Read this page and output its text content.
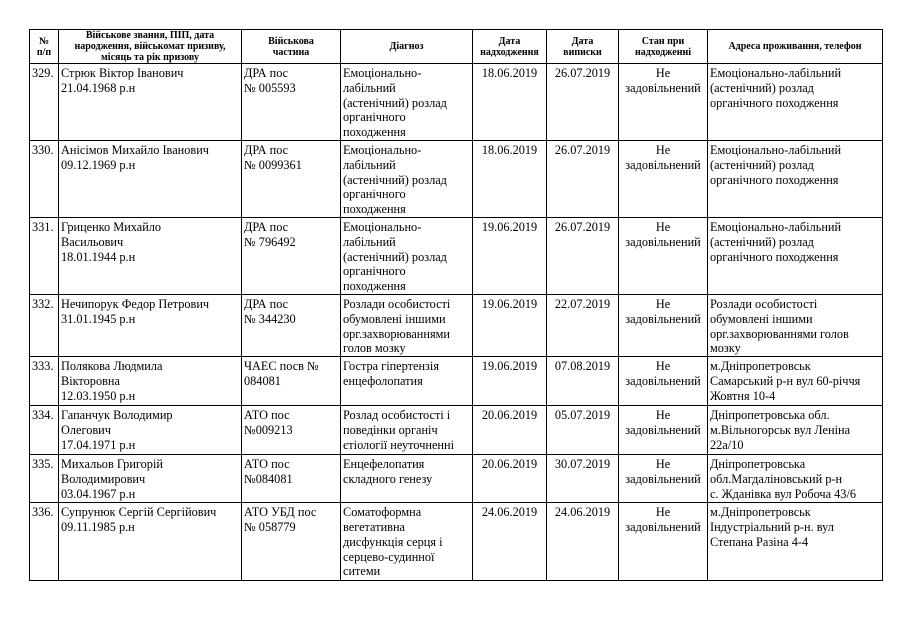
№
п/п	Військове звання, ПІП, дата народження, військомат призиву, місяць та рік призову	Військова
частина	Діагноз	Дата
надходження	Дата
виписки	Стан при
надходженні	Адреса проживання, телефон
329.	Стрюк Віктор Іванович
21.04.1968 р.н	ДРА пос
№ 005593	Емоціонально-
лабільний
(астенічний) розлад
органічного
походження	18.06.2019	26.07.2019	Не
задовільнений	Емоціонально-лабільний
(астенічний) розлад
органічного походження
330.	Анісімов Михайло Іванович
09.12.1969 р.н	ДРА пос
№ 0099361	Емоціонально-
лабільний
(астенічний) розлад
органічного
походження	18.06.2019	26.07.2019	Не
задовільнений	Емоціонально-лабільний
(астенічний) розлад
органічного походження
331.	Гриценко Михайло
Васильович
18.01.1944 р.н	ДРА пос
№ 796492	Емоціонально-
лабільний
(астенічний) розлад
органічного
походження	19.06.2019	26.07.2019	Не
задовільнений	Емоціонально-лабільний
(астенічний) розлад
органічного походження
332.	Нечипорук Федор Петрович
31.01.1945 р.н	ДРА пос
№ 344230	Розлади особистості
обумовлені іншими
орг.захворюваннями
голов мозку	19.06.2019	22.07.2019	Не
задовільнений	Розлади особистості
обумовлені іншими
орг.захворюваннями голов
мозку
333.	Полякова Людмила
Вікторовна
12.03.1950 р.н	ЧАЕС посв №
084081	Гостра гіпертензія
енцефолопатия	19.06.2019	07.08.2019	Не
задовільнений	м.Дніпропетровськ
Самарський р-н вул 60-річчя
Жовтня 10-4
334.	Гапанчук Володимир
Олегович
17.04.1971 р.н	АТО пос
№009213	Розлад особистості і
поведінки органіч
єтіології неуточненні	20.06.2019	05.07.2019	Не
задовільнений	Дніпропетровська обл.
м.Вільногорськ вул Леніна
22а/10
335.	Михальов Григорій
Володимирович
03.04.1967 р.н	АТО пос
№084081	Енцефелопатия
складного генезу	20.06.2019	30.07.2019	Не
задовільнений	Дніпропетровська
обл.Магдаліновський р-н
с. Жданівка вул Робоча 43/6
336.	Супрунюк Сергій Сергійович
09.11.1985 р.н	АТО УБД пос
№ 058779	Соматоформна
вегетативна
дисфункція серця і
серцево-судинної
ситеми	24.06.2019	24.06.2019	Не
задовільнений	м.Дніпропетровськ
Індустріальний р-н. вул
Степана Разіна 4-4
